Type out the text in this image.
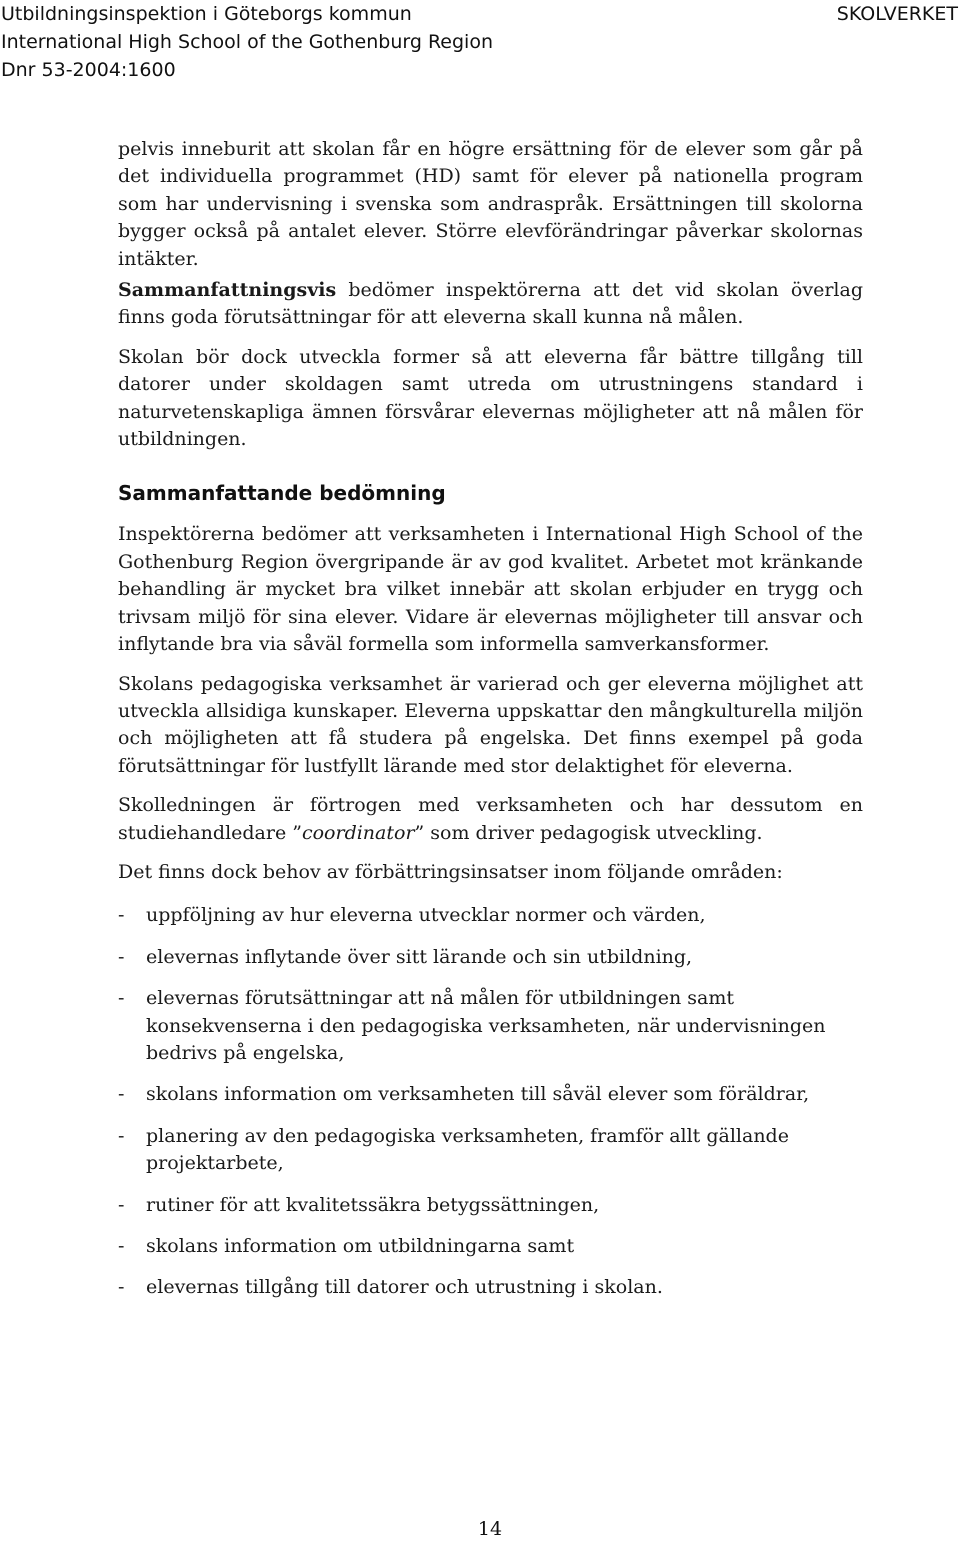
Utbildningsinspektion i Göteborgs kommun
International High School of the Gothenburg Region
Dnr 53-2004:1600
SKOLVERKET

pelvis inneburit att skolan får en högre ersättning för de elever som går på det individuella programmet (HD) samt för elever på nationella program som har undervisning i svenska som andraspråk. Ersättningen till skolorna bygger också på antalet elever. Större elevförändringar påverkar skolornas intäkter.

Sammanfattningsvis bedömer inspektörerna att det vid skolan överlag finns goda förutsättningar för att eleverna skall kunna nå målen.

Skolan bör dock utveckla former så att eleverna får bättre tillgång till datorer under skoldagen samt utreda om utrustningens standard i naturvetenskapliga ämnen försvårar elevernas möjligheter att nå målen för utbildningen.

Sammanfattande bedömning

Inspektörerna bedömer att verksamheten i International High School of the Gothenburg Region övergripande är av god kvalitet. Arbetet mot kränkande behandling är mycket bra vilket innebär att skolan erbjuder en trygg och trivsam miljö för sina elever. Vidare är elevernas möjligheter till ansvar och inflytande bra via såväl formella som informella samverkansformer.

Skolans pedagogiska verksamhet är varierad och ger eleverna möjlighet att utveckla allsidiga kunskaper. Eleverna uppskattar den mångkulturella miljön och möjligheten att få studera på engelska. Det finns exempel på goda förutsättningar för lustfyllt lärande med stor delaktighet för eleverna.

Skolledningen är förtrogen med verksamheten och har dessutom en studiehandledare ”coordinator” som driver pedagogisk utveckling.

Det finns dock behov av förbättringsinsatser inom följande områden:

- uppföljning av hur eleverna utvecklar normer och värden,
- elevernas inflytande över sitt lärande och sin utbildning,
- elevernas förutsättningar att nå målen för utbildningen samt konsekvenserna i den pedagogiska verksamheten, när undervisningen bedrivs på engelska,
- skolans information om verksamheten till såväl elever som föräldrar,
- planering av den pedagogiska verksamheten, framför allt gällande projektarbete,
- rutiner för att kvalitetssäkra betygssättningen,
- skolans information om utbildningarna samt
- elevernas tillgång till datorer och utrustning i skolan.
14
